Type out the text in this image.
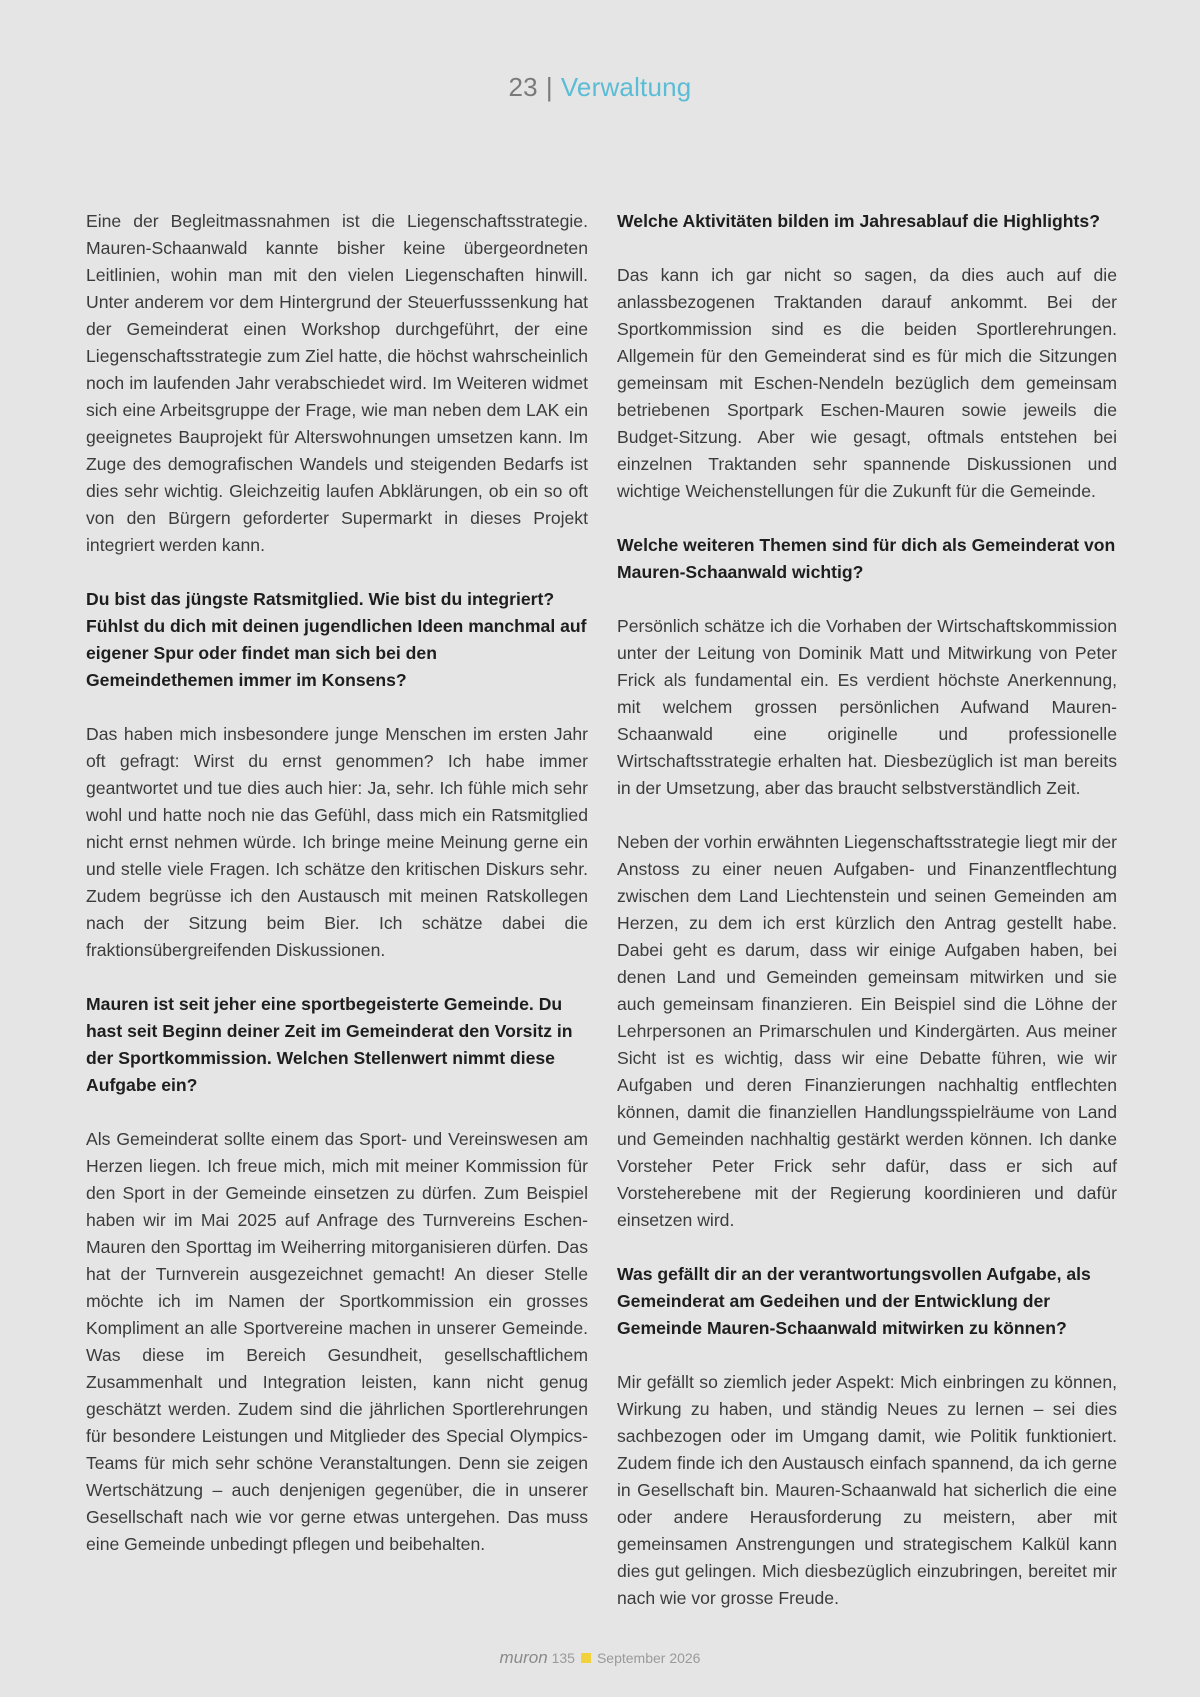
23 | Verwaltung

Eine der Begleitmassnahmen ist die Liegenschaftsstrategie. Mauren-Schaanwald kannte bisher keine übergeordneten Leitlinien, wohin man mit den vielen Liegenschaften hinwill. Unter anderem vor dem Hintergrund der Steuerfusssenkung hat der Gemeinderat einen Workshop durchgeführt, der eine Liegenschaftsstrategie zum Ziel hatte, die höchst wahrscheinlich noch im laufenden Jahr verabschiedet wird. Im Weiteren widmet sich eine Arbeitsgruppe der Frage, wie man neben dem LAK ein geeignetes Bauprojekt für Alterswohnungen umsetzen kann. Im Zuge des demografischen Wandels und steigenden Bedarfs ist dies sehr wichtig. Gleichzeitig laufen Abklärungen, ob ein so oft von den Bürgern geforderter Supermarkt in dieses Projekt integriert werden kann.

Du bist das jüngste Ratsmitglied. Wie bist du integriert? Fühlst du dich mit deinen jugendlichen Ideen manchmal auf eigener Spur oder findet man sich bei den Gemeindethemen immer im Konsens?

Das haben mich insbesondere junge Menschen im ersten Jahr oft gefragt: Wirst du ernst genommen? Ich habe immer geantwortet und tue dies auch hier: Ja, sehr. Ich fühle mich sehr wohl und hatte noch nie das Gefühl, dass mich ein Ratsmitglied nicht ernst nehmen würde. Ich bringe meine Meinung gerne ein und stelle viele Fragen. Ich schätze den kritischen Diskurs sehr. Zudem begrüsse ich den Austausch mit meinen Ratskollegen nach der Sitzung beim Bier. Ich schätze dabei die fraktionsübergreifenden Diskussionen.

Mauren ist seit jeher eine sportbegeisterte Gemeinde. Du hast seit Beginn deiner Zeit im Gemeinderat den Vorsitz in der Sportkommission. Welchen Stellenwert nimmt diese Aufgabe ein?

Als Gemeinderat sollte einem das Sport- und Vereinswesen am Herzen liegen. Ich freue mich, mich mit meiner Kommission für den Sport in der Gemeinde einsetzen zu dürfen. Zum Beispiel haben wir im Mai 2025 auf Anfrage des Turnvereins Eschen-Mauren den Sporttag im Weiherring mitorganisieren dürfen. Das hat der Turnverein ausgezeichnet gemacht! An dieser Stelle möchte ich im Namen der Sportkommission ein grosses Kompliment an alle Sportvereine machen in unserer Gemeinde. Was diese im Bereich Gesundheit, gesellschaftlichem Zusammenhalt und Integration leisten, kann nicht genug geschätzt werden. Zudem sind die jährlichen Sportlerehrungen für besondere Leistungen und Mitglieder des Special Olympics-Teams für mich sehr schöne Veranstaltungen. Denn sie zeigen Wertschätzung – auch denjenigen gegenüber, die in unserer Gesellschaft nach wie vor gerne etwas untergehen. Das muss eine Gemeinde unbedingt pflegen und beibehalten.

Welche Aktivitäten bilden im Jahresablauf die Highlights?

Das kann ich gar nicht so sagen, da dies auch auf die anlassbezogenen Traktanden darauf ankommt. Bei der Sportkommission sind es die beiden Sportlerehrungen. Allgemein für den Gemeinderat sind es für mich die Sitzungen gemeinsam mit Eschen-Nendeln bezüglich dem gemeinsam betriebenen Sportpark Eschen-Mauren sowie jeweils die Budget-Sitzung. Aber wie gesagt, oftmals entstehen bei einzelnen Traktanden sehr spannende Diskussionen und wichtige Weichenstellungen für die Zukunft für die Gemeinde.

Welche weiteren Themen sind für dich als Gemeinderat von Mauren-Schaanwald wichtig?

Persönlich schätze ich die Vorhaben der Wirtschaftskommission unter der Leitung von Dominik Matt und Mitwirkung von Peter Frick als fundamental ein. Es verdient höchste Anerkennung, mit welchem grossen persönlichen Aufwand Mauren-Schaanwald eine originelle und professionelle Wirtschaftsstrategie erhalten hat. Diesbezüglich ist man bereits in der Umsetzung, aber das braucht selbstverständlich Zeit.

Neben der vorhin erwähnten Liegenschaftsstrategie liegt mir der Anstoss zu einer neuen Aufgaben- und Finanzentflechtung zwischen dem Land Liechtenstein und seinen Gemeinden am Herzen, zu dem ich erst kürzlich den Antrag gestellt habe. Dabei geht es darum, dass wir einige Aufgaben haben, bei denen Land und Gemeinden gemeinsam mitwirken und sie auch gemeinsam finanzieren. Ein Beispiel sind die Löhne der Lehrpersonen an Primarschulen und Kindergärten. Aus meiner Sicht ist es wichtig, dass wir eine Debatte führen, wie wir Aufgaben und deren Finanzierungen nachhaltig entflechten können, damit die finanziellen Handlungsspielräume von Land und Gemeinden nachhaltig gestärkt werden können. Ich danke Vorsteher Peter Frick sehr dafür, dass er sich auf Vorsteherebene mit der Regierung koordinieren und dafür einsetzen wird.

Was gefällt dir an der verantwortungsvollen Aufgabe, als Gemeinderat am Gedeihen und der Entwicklung der Gemeinde Mauren-Schaanwald mitwirken zu können?

Mir gefällt so ziemlich jeder Aspekt: Mich einbringen zu können, Wirkung zu haben, und ständig Neues zu lernen – sei dies sachbezogen oder im Umgang damit, wie Politik funktioniert. Zudem finde ich den Austausch einfach spannend, da ich gerne in Gesellschaft bin. Mauren-Schaanwald hat sicherlich die eine oder andere Herausforderung zu meistern, aber mit gemeinsamen Anstrengungen und strategischem Kalkül kann dies gut gelingen. Mich diesbezüglich einzubringen, bereitet mir nach wie vor grosse Freude.

muron 135 September 2026
